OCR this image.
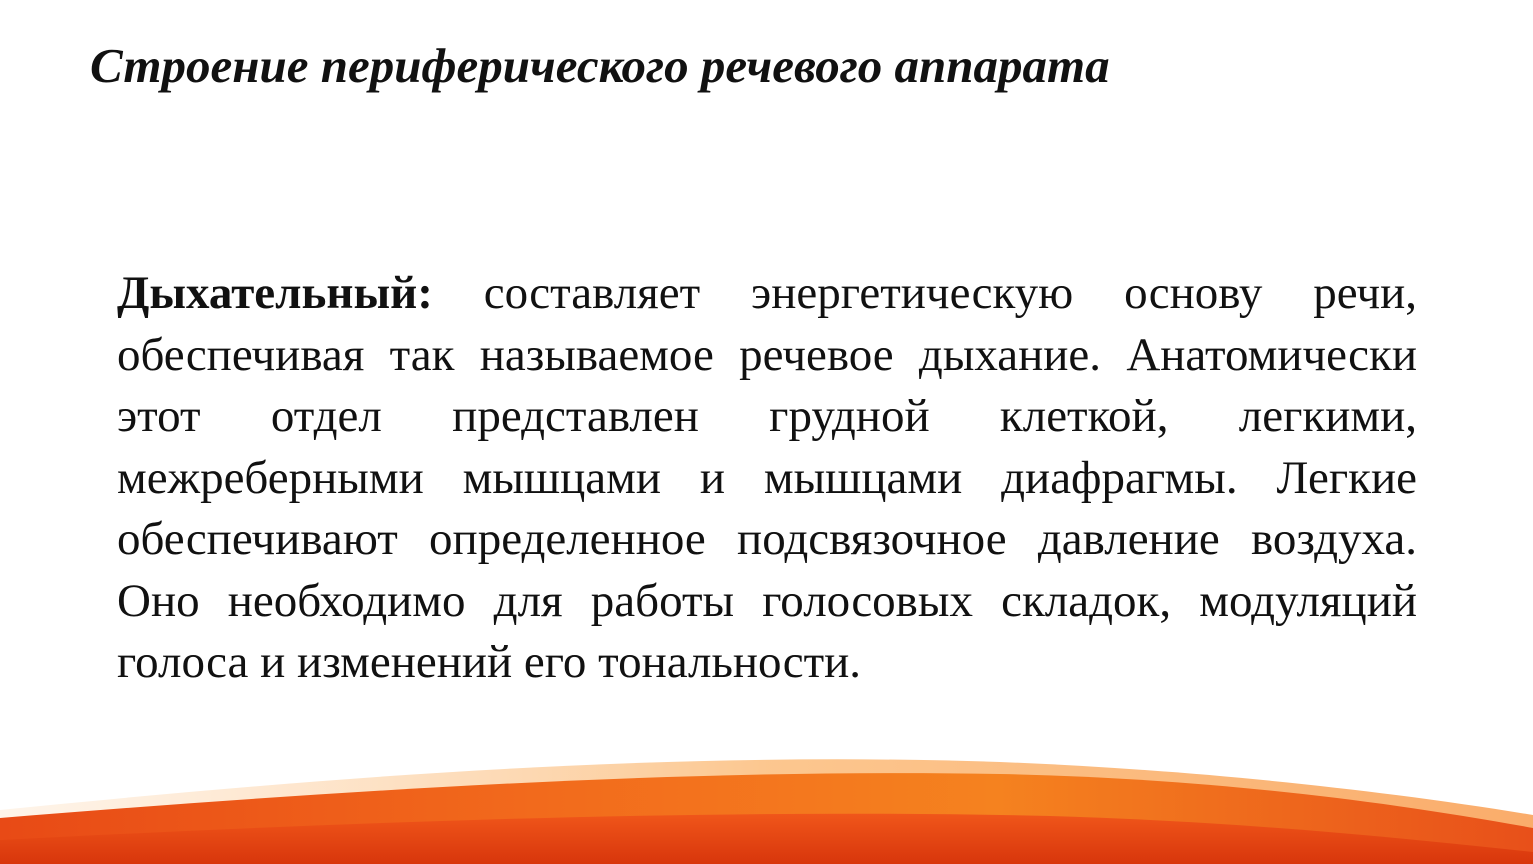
Строение периферического речевого аппарата

Дыхательный: составляет энергетическую основу речи, обеспечивая так называемое речевое дыхание. Анатомически этот отдел представлен грудной клеткой, легкими, межреберными мышцами и мышцами диафрагмы. Легкие обеспечивают определенное подсвязочное давление воздуха. Оно необходимо для работы голосовых складок, модуляций голоса и изменений его тональности.
